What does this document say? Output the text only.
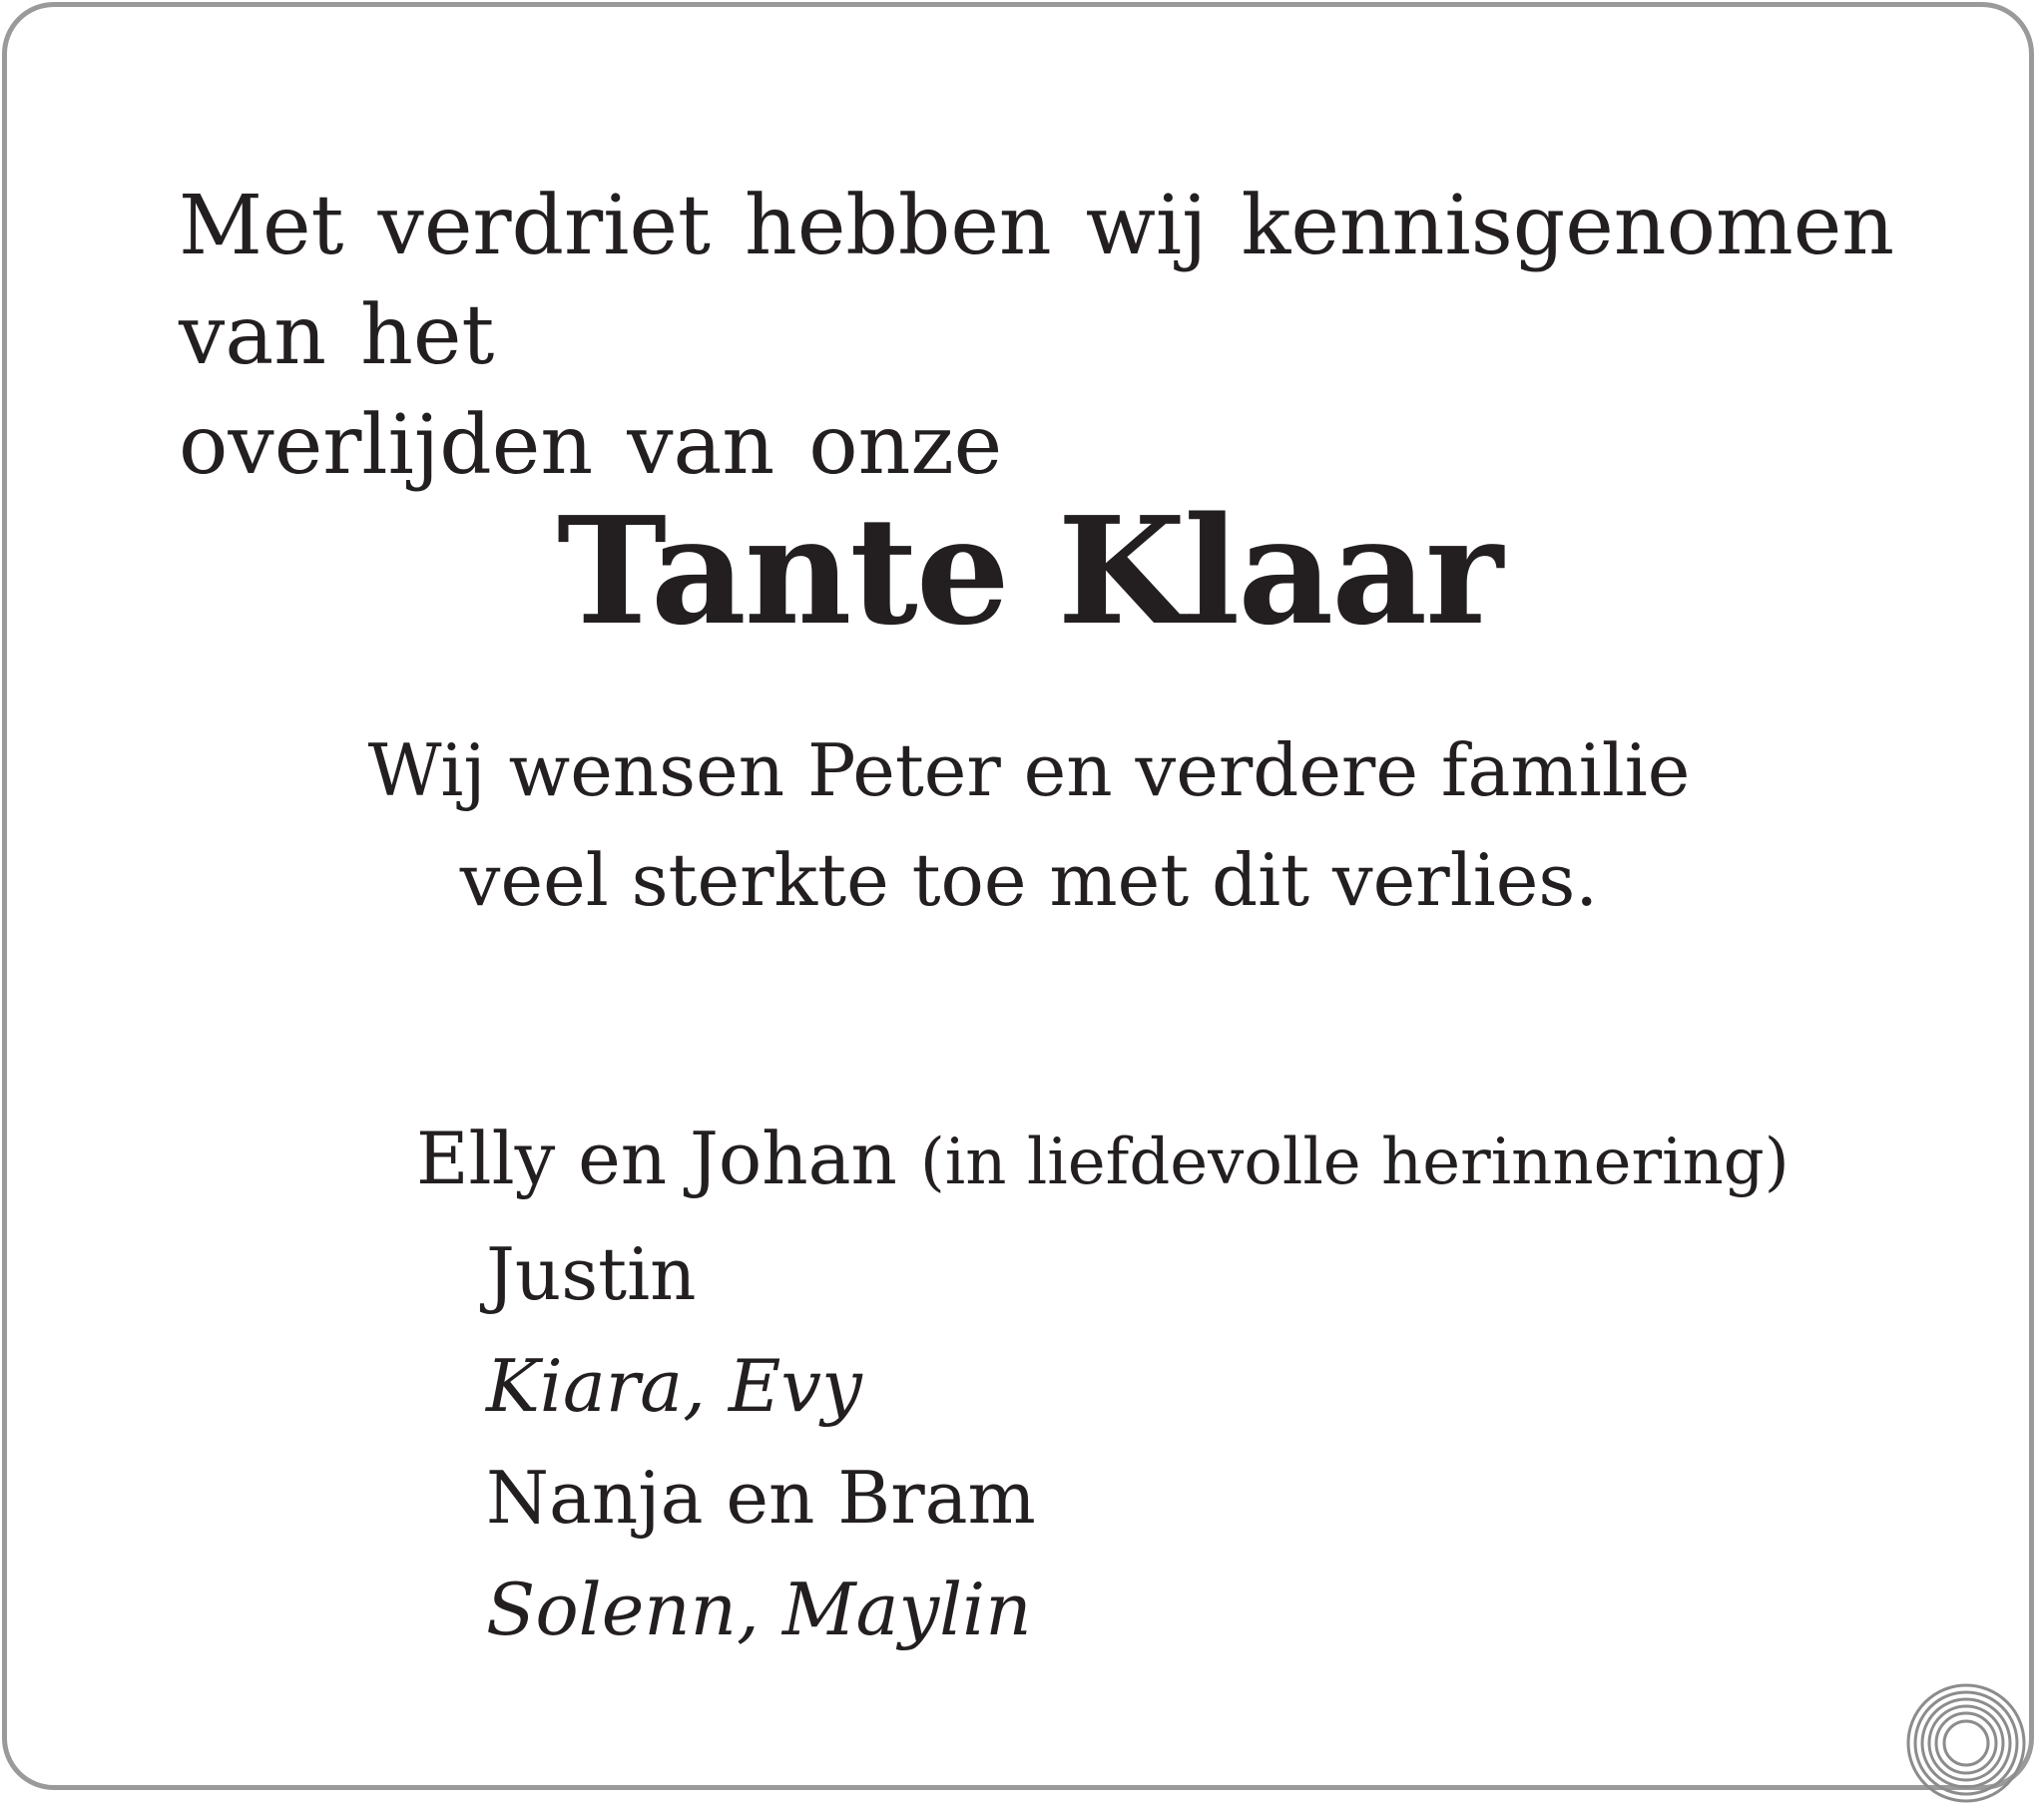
Met verdriet hebben wij kennisgenomen van het
overlijden van onze

Tante Klaar

Wij wensen Peter en verdere familie
veel sterkte toe met dit verlies.

Elly en Johan (in liefdevolle herinnering)
Justin
Kiara, Evy
Nanja en Bram
Solenn, Maylin
